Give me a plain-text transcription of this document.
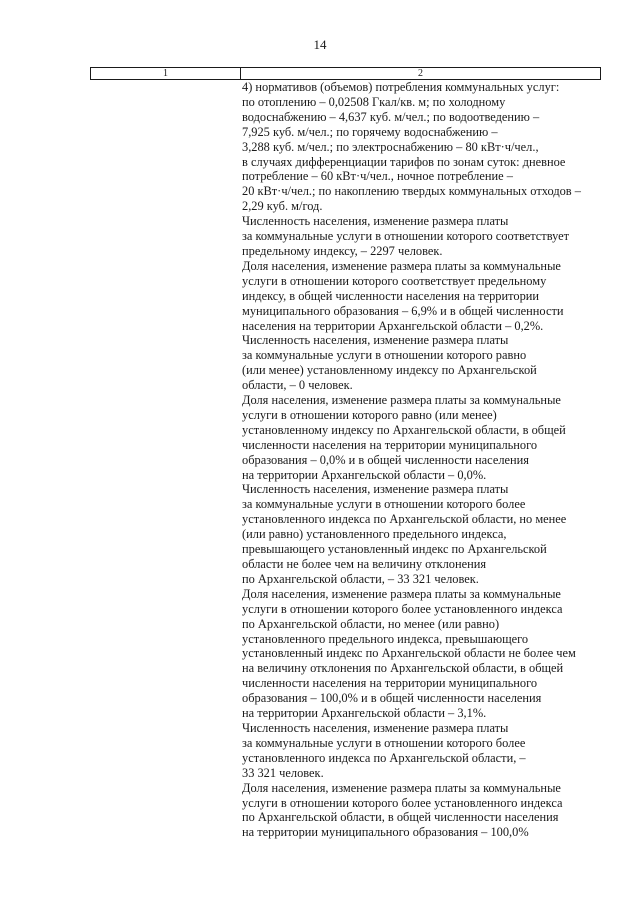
14
1	2
4) нормативов (объемов) потребления коммунальных услуг:
по отоплению – 0,02508 Гкал/кв. м; по холодному
водоснабжению – 4,637 куб. м/чел.; по водоотведению –
7,925 куб. м/чел.; по горячему водоснабжению –
3,288 куб. м/чел.; по электроснабжению – 80 кВт·ч/чел.,
в случаях дифференциации тарифов по зонам суток: дневное
потребление – 60 кВт·ч/чел., ночное потребление –
20 кВт·ч/чел.; по накоплению твердых коммунальных отходов –
2,29 куб. м/год.
Численность населения, изменение размера платы
за коммунальные услуги в отношении которого соответствует
предельному индексу, – 2297 человек.
Доля населения, изменение размера платы за коммунальные
услуги в отношении которого соответствует предельному
индексу, в общей численности населения на территории
муниципального образования – 6,9% и в общей численности
населения на территории Архангельской области – 0,2%.
Численность населения, изменение размера платы
за коммунальные услуги в отношении которого равно
(или менее) установленному индексу по Архангельской
области, – 0 человек.
Доля населения, изменение размера платы за коммунальные
услуги в отношении которого равно (или менее)
установленному индексу по Архангельской области, в общей
численности населения на территории муниципального
образования – 0,0% и в общей численности населения
на территории Архангельской области – 0,0%.
Численность населения, изменение размера платы
за коммунальные услуги в отношении которого более
установленного индекса по Архангельской области, но менее
(или равно) установленного предельного индекса,
превышающего установленный индекс по Архангельской
области не более чем на величину отклонения
по Архангельской области, – 33 321 человек.
Доля населения, изменение размера платы за коммунальные
услуги в отношении которого более установленного индекса
по Архангельской области, но менее (или равно)
установленного предельного индекса, превышающего
установленный индекс по Архангельской области не более чем
на величину отклонения по Архангельской области, в общей
численности населения на территории муниципального
образования – 100,0% и в общей численности населения
на территории Архангельской области – 3,1%.
Численность населения, изменение размера платы
за коммунальные услуги в отношении которого более
установленного индекса по Архангельской области, –
33 321 человек.
Доля населения, изменение размера платы за коммунальные
услуги в отношении которого более установленного индекса
по Архангельской области, в общей численности населения
на территории муниципального образования – 100,0%
